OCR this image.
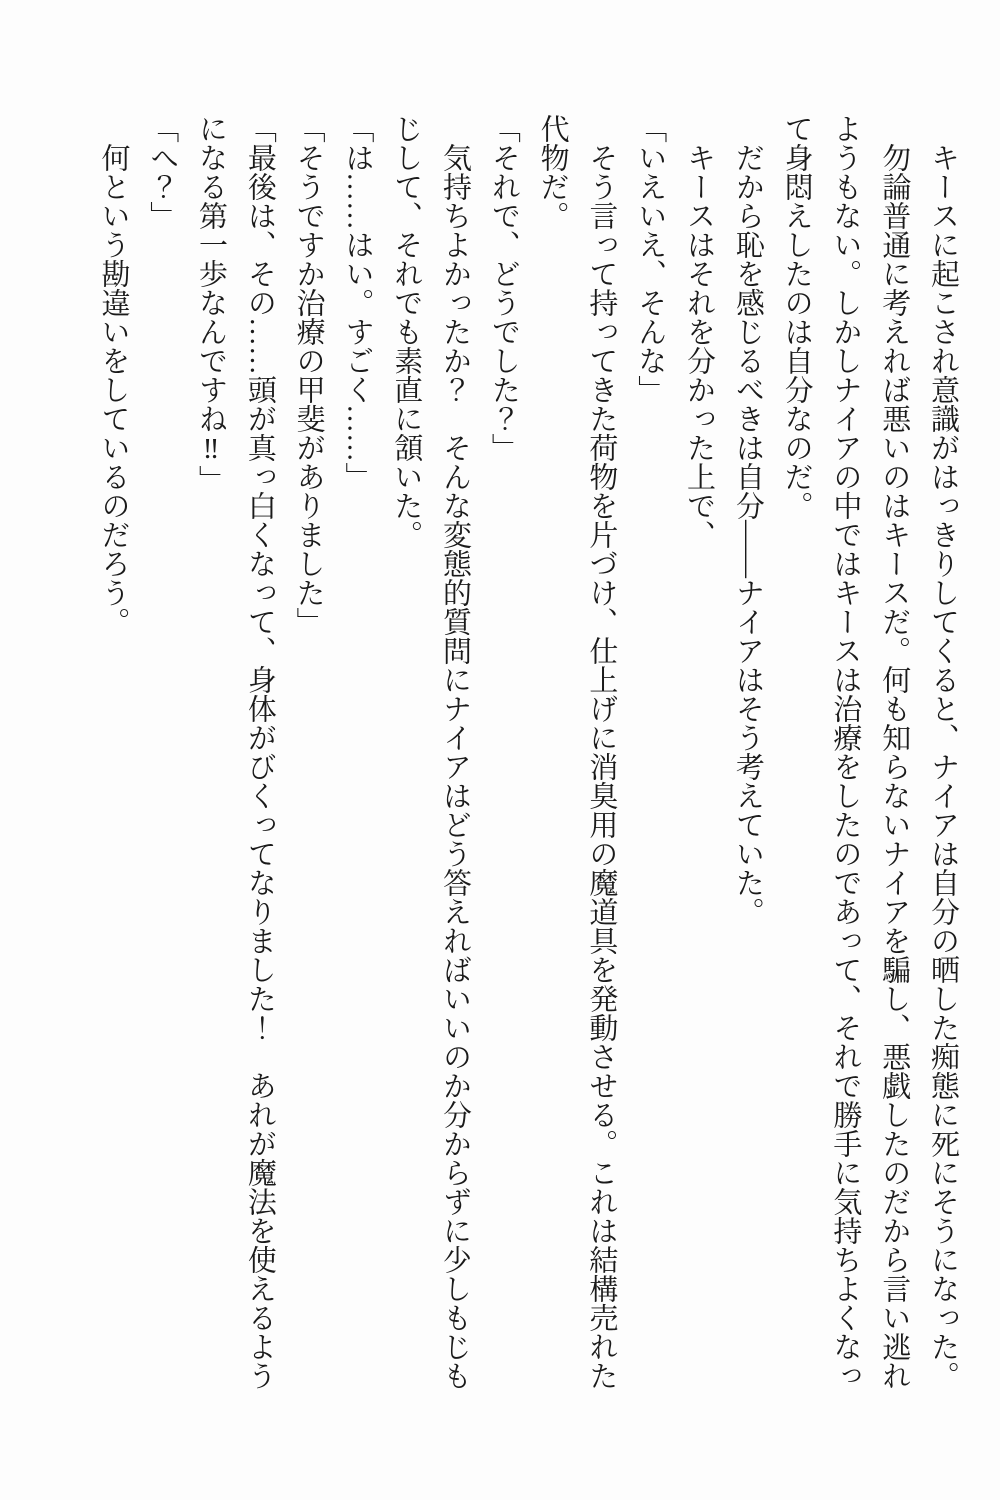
　キースに起こされ意識がはっきりしてくると、ナイアは自分の晒した痴態に死にそうになった。

　勿論普通に考えれば悪いのはキースだ。何も知らないナイアを騙し、悪戯したのだから言い逃れようもない。しかしナイアの中ではキースは治療をしたのであって、それで勝手に気持ちよくなって身悶えしたのは自分なのだ。

　だから恥を感じるべきは自分――ナイアはそう考えていた。

　キースはそれを分かった上で、

「いえいえ、そんな」

　そう言って持ってきた荷物を片づけ、仕上げに消臭用の魔道具を発動させる。これは結構売れた代物だ。

「それで、どうでした？」

　気持ちよかったか？　そんな変態的質問にナイアはどう答えればいいのか分からずに少しもじもじして、それでも素直に頷いた。

「は……はい。すごく……」

「そうですか治療の甲斐がありました」

「最後は、その……頭が真っ白くなって、身体がびくってなりました！　あれが魔法を使えるようになる第一歩なんですね‼」

「へ？」

　何という勘違いをしているのだろう。
